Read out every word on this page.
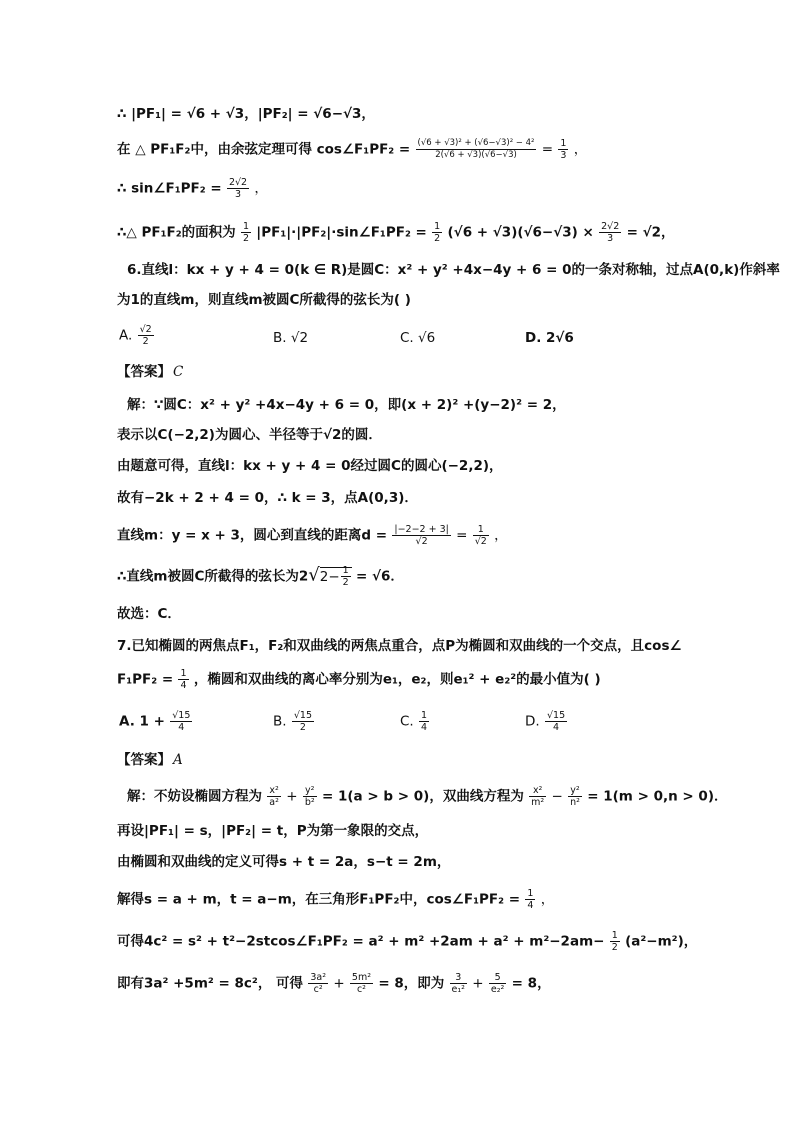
∴ |PF₁| = √6 + √3，|PF₂| = √6−√3，
在 △ PF₁F₂中，由余弦定理可得 cos∠F₁PF₂ = $\frac{\text{(√6 + √3)² + (√6−√3)² − 4²}}{2(√6 + √3)(√6-√3)} = \frac{1}{3}$ ，
∴ sin∠F₁PF₂ = $\frac{2√2}{3}$ ，
∴△ PF₁F₂的面积为 $\frac{1}{2}$ |PF₁|·|PF₂|·sin∠F₁PF₂ = $\frac{1}{2} (√6 + √3)(√6-√3) \times \frac{2√2}{3} = √2$，
6.直线l：kx + y + 4 = 0(k ∈ R)是圆C：x² + y² +4x−4y + 6 = 0的一条对称轴，过点A(0,k)作斜率
为1的直线m，则直线m被圆C所截得的弦长为( )
A. $\frac{√2}{2}$	B. √2	C. √6	D. 2√6
【答案】 C
解：∵圆C：x² + y² +4x−4y + 6 = 0，即(x + 2)² +(y−2)² = 2，
表示以C(−2,2)为圆心、半径等于√2的圆．
由题意可得，直线l：kx + y + 4 = 0经过圆C的圆心(−2,2)，
故有−2k + 2 + 4 = 0，∴ k = 3，点A(0,3)．
直线m：y = x + 3，圆心到直线的距离$d = \frac{|-2-2 + 3|}{√2} = \frac{1}{√2}$ ，
∴直线m被圆C所截得的弦长为$2√2- \frac{1}{2} = √6$．
故选：C．
7.已知椭圆的两焦点F₁，F₂和双曲线的两焦点重合，点P为椭圆和双曲线的一个交点，且cos∠
$F_1PF_2 = \frac{1}{4}$ ，椭圆和双曲线的离心率分别为e₁，e₂，则e₁² + e₂²的最小值为( )
A. $1 + \frac{√15}{4}$	B. $\frac{√15}{2}$	C. $\frac{1}{4}$	D. $\frac{√15}{4}$
【答案】 A
解：不妨设椭圆方程为 $\frac{\text{x²}}{\text{a²}} + \frac{\text{y²}}{\text{b²}} = 1(a > b > 0)$，双曲线方程为 $\frac{\text{x²}}{\text{m²}} - \frac{\text{y²}}{\text{n²}} = 1(m > 0,n > 0)$．
再设|PF₁| = s，|PF₂| = t，P为第一象限的交点，
由椭圆和双曲线的定义可得s + t = 2a，s−t = 2m，
解得s = a + m，t = a−m，在三角形F₁PF₂中，cos∠F₁PF₂ = $\frac{1}{4}$ ，
可得4c² = s² + t²−2stcos∠F₁PF₂ = $a^2 + m^2 +2am + a^2 + m^2-2am- \frac{1}{2} (a^2-m^2)$，
即有3a² +5m² = 8c²， 可得 $\frac{\text{3a²}}{\text{c²}} + \frac{\text{5m²}}{\text{c²}} = 8$，即为 $\frac{3}{\text{e₁²}} + \frac{5}{\text{e₂²}} = 8$，
